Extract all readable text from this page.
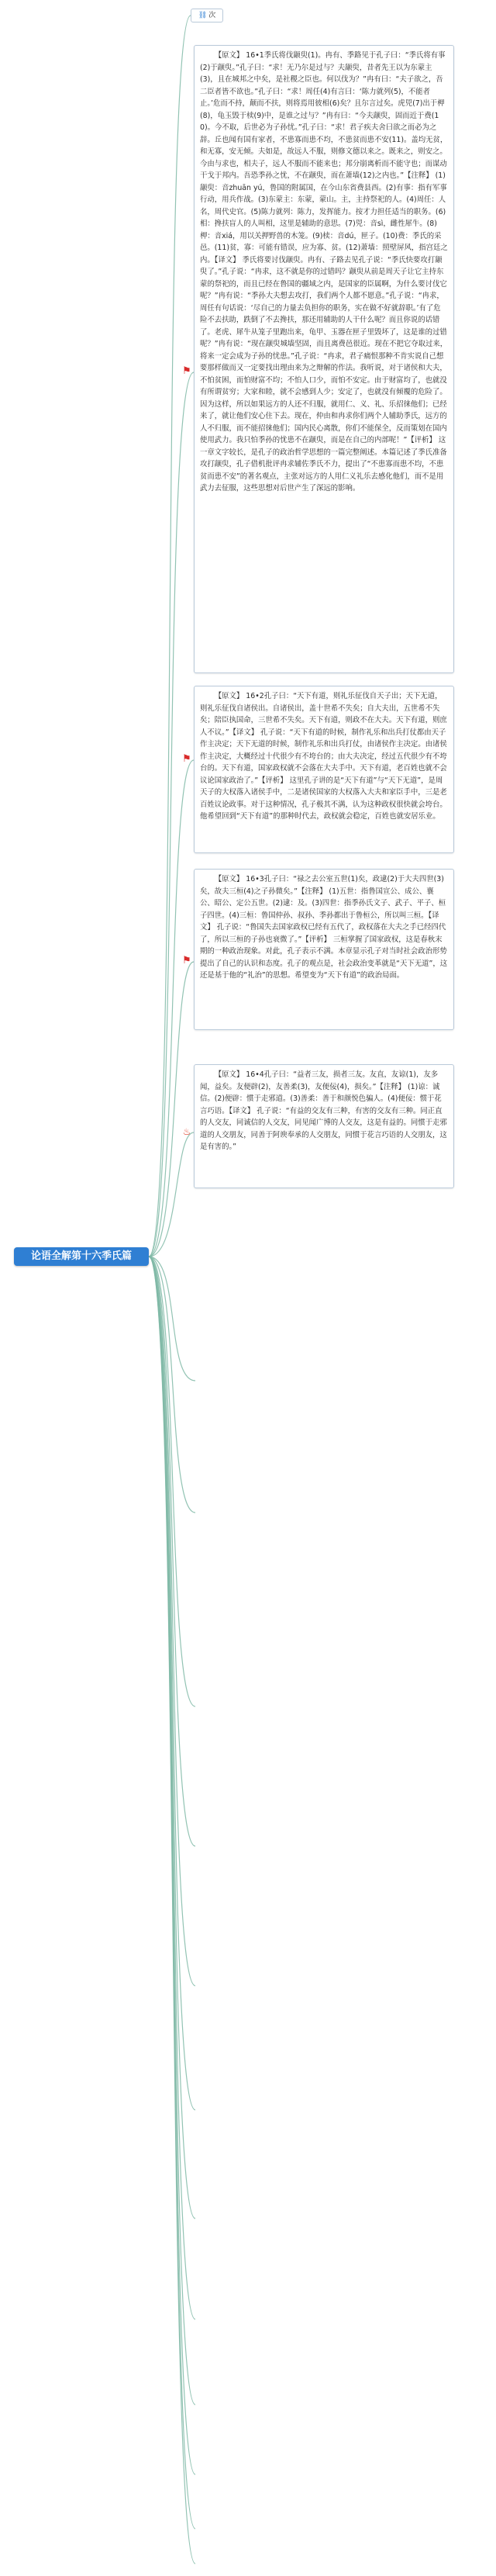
⛓ 次
论语全解第十六季氏篇
⚑

【原文】 16•1季氏将伐颛臾(1)。冉有、季路见于孔子曰：“季氏将有事(2)于颛臾。”孔子曰：“求！无乃尔是过与？夫颛臾，昔者先王以为东蒙主(3)，且在城邦之中矣，是社稷之臣也。何以伐为？”冉有曰：“夫子欲之，吾二臣者皆不欲也。”孔子曰：“求！周任(4)有言曰：‘陈力就列(5)，不能者止。’危而不持，颠而不扶，则将焉用彼相(6)矣？且尔言过矣。虎兕(7)出于柙(8)，龟玉毁于椟(9)中，是谁之过与？”冉有曰：“今夫颛臾，固而近于费(10)。今不取，后世必为子孙忧。”孔子曰：“求！君子疾夫舍曰欲之而必为之辞。丘也闻有国有家者，不患寡而患不均，不患贫而患不安(11)。盖均无贫，和无寡，安无倾。夫如是，故远人不服，则修文德以来之。既来之，则安之。今由与求也，相夫子，远人不服而不能来也；邦分崩离析而不能守也；而谋动干戈于邦内。吾恐季孙之忧，不在颛臾，而在萧墙(12)之内也。”【注释】 (1)颛臾：音zhuān yú，鲁国的附属国，在今山东省费县西。(2)有事：指有军事行动，用兵作战。(3)东蒙主：东蒙，蒙山。主，主持祭祀的人。(4)周任：人名，周代史官。(5)陈力就列：陈力，发挥能力。按才力担任适当的职务。(6)相：搀扶盲人的人叫相，这里是辅助的意思。(7)兕：音sì，雌性犀牛。(8)柙：音xiá，用以关押野兽的木笼。(9)椟：音dú，匣子。(10)费：季氏的采邑。(11)贫，寡：可能有错误，应为寡、贫。(12)萧墙：照壁屏风，指宫廷之内。【译文】 季氏将要讨伐颛臾。冉有、子路去见孔子说：“季氏快要攻打颛臾了。”孔子说：“冉求，这不就是你的过错吗？颛臾从前是周天子让它主持东蒙的祭祀的，而且已经在鲁国的疆域之内，是国家的臣属啊，为什么要讨伐它呢？”冉有说：“季孙大夫想去攻打，我们两个人都不愿意。”孔子说：“冉求，周任有句话说：‘尽自己的力量去负担你的职务，实在做不好就辞职。’有了危险不去扶助，跌倒了不去搀扶，那还用辅助的人干什么呢？而且你说的话错了。老虎、犀牛从笼子里跑出来，龟甲、玉器在匣子里毁坏了，这是谁的过错呢？”冉有说：“现在颛臾城墙坚固，而且离费邑很近。现在不把它夺取过来，将来一定会成为子孙的忧患。”孔子说：“冉求，君子痛恨那种不肯实说自己想要那样做而又一定要找出理由来为之辩解的作法。我听说，对于诸侯和大夫，不怕贫困，而怕财富不均；不怕人口少，而怕不安定。由于财富均了，也就没有所谓贫穷；大家和睦，就不会感到人少；安定了，也就没有倾覆的危险了。因为这样，所以如果远方的人还不归服，就用仁、义、礼、乐招徕他们；已经来了，就让他们安心住下去。现在，仲由和冉求你们两个人辅助季氏，远方的人不归服，而不能招徕他们；国内民心离散，你们不能保全，反而策划在国内使用武力。我只怕季孙的忧患不在颛臾，而是在自己的内部呢！”【评析】 这一章文字较长，是孔子的政治哲学思想的一篇完整阐述。本篇记述了季氏准备攻打颛臾，孔子借机批评冉求辅佐季氏不力，提出了“不患寡而患不均，不患贫而患不安”的著名观点，主张对远方的人用仁义礼乐去感化他们，而不是用武力去征服，这些思想对后世产生了深远的影响。

⚑

【原文】 16•2孔子曰：“天下有道，则礼乐征伐自天子出；天下无道，则礼乐征伐自诸侯出。自诸侯出，盖十世希不失矣；自大夫出，五世希不失矣；陪臣执国命，三世希不失矣。天下有道，则政不在大夫。天下有道，则庶人不议。”【译文】 孔子说：“天下有道的时候，制作礼乐和出兵打仗都由天子作主决定；天下无道的时候，制作礼乐和出兵打仗，由诸侯作主决定。由诸侯作主决定，大概经过十代很少有不垮台的；由大夫决定，经过五代很少有不垮台的。天下有道，国家政权就不会落在大夫手中。天下有道，老百姓也就不会议论国家政治了。”【评析】 这里孔子讲的是“天下有道”与“天下无道”，是周天子的大权落入诸侯手中，二是诸侯国家的大权落入大夫和家臣手中，三是老百姓议论政事。对于这种情况，孔子极其不满，认为这种政权很快就会垮台。他希望回到“天下有道”的那种时代去，政权就会稳定，百姓也就安居乐业。

⚑

【原文】 16•3孔子曰：“禄之去公室五世(1)矣，政逮(2)于大夫四世(3)矣，故夫三桓(4)之子孙微矣。”【注释】 (1)五世：指鲁国宣公、成公、襄公、昭公、定公五世。(2)逮：及。(3)四世：指季孙氏文子、武子、平子、桓子四世。(4)三桓：鲁国仲孙、叔孙、季孙都出于鲁桓公，所以叫三桓。【译文】 孔子说：“鲁国失去国家政权已经有五代了，政权落在大夫之手已经四代了，所以三桓的子孙也衰微了。”【评析】 三桓掌握了国家政权，这是春秋末期的一种政治现象。对此，孔子表示不满。本章显示孔子对当时社会政治形势提出了自己的认识和态度。孔子的观点是，社会政治变革就是“天下无道”，这还是基于他的“礼治”的思想。希望变为“天下有道”的政治局面。

♨

【原文】 16•4孔子曰：“益者三友，损者三友。友直，友谅(1)，友多闻，益矣。友便辟(2)，友善柔(3)，友便佞(4)，损矣。”【注释】 (1)谅：诚信。(2)便辟：惯于走邪道。(3)善柔：善于和颜悦色骗人。(4)便佞：惯于花言巧语。【译文】 孔子说：“有益的交友有三种，有害的交友有三种。同正直的人交友，同诚信的人交友，同见闻广博的人交友，这是有益的。同惯于走邪道的人交朋友，同善于阿谀奉承的人交朋友，同惯于花言巧语的人交朋友，这是有害的。”
